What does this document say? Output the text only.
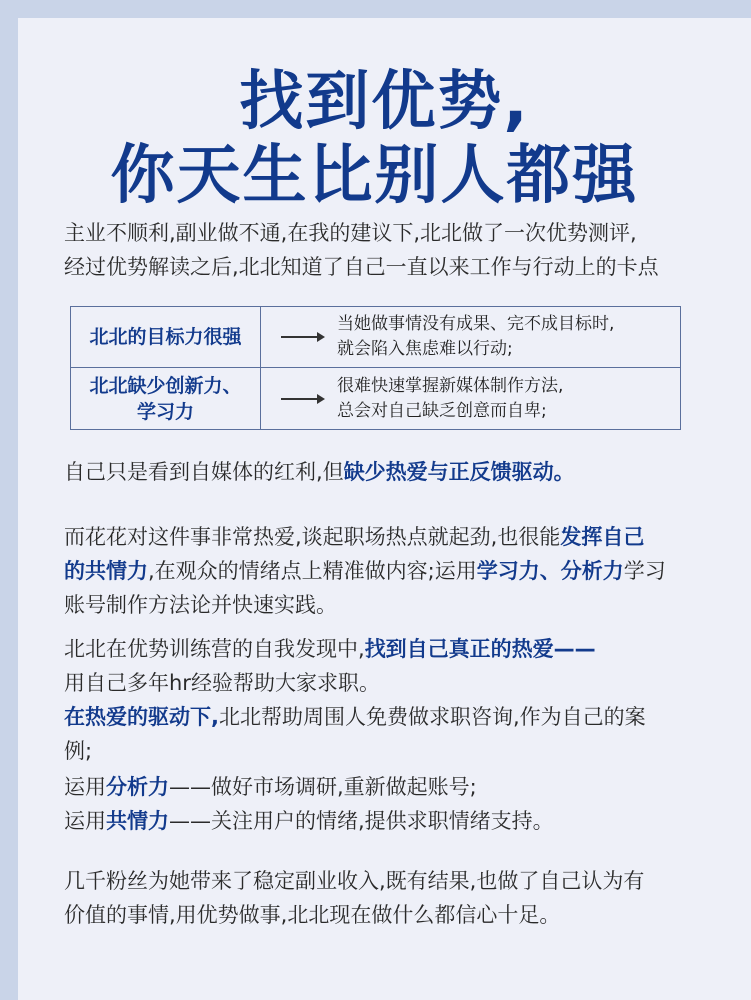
找到优势,
你天生比别人都强
主业不顺利,副业做不通,在我的建议下,北北做了一次优势测评,
经过优势解读之后,北北知道了自己一直以来工作与行动上的卡点
北北的目标力很强
当她做事情没有成果、完不成目标时,
就会陷入焦虑难以行动;
北北缺少创新力、
学习力
很难快速掌握新媒体制作方法,
总会对自己缺乏创意而自卑;
自己只是看到自媒体的红利,但缺少热爱与正反馈驱动。
而花花对这件事非常热爱,谈起职场热点就起劲,也很能发挥自己
的共情力,在观众的情绪点上精准做内容;运用学习力、分析力学习
账号制作方法论并快速实践。
北北在优势训练营的自我发现中,找到自己真正的热爱——
用自己多年hr经验帮助大家求职。
在热爱的驱动下,北北帮助周围人免费做求职咨询,作为自己的案
例;
运用分析力——做好市场调研,重新做起账号;
运用共情力——关注用户的情绪,提供求职情绪支持。
几千粉丝为她带来了稳定副业收入,既有结果,也做了自己认为有
价值的事情,用优势做事,北北现在做什么都信心十足。
